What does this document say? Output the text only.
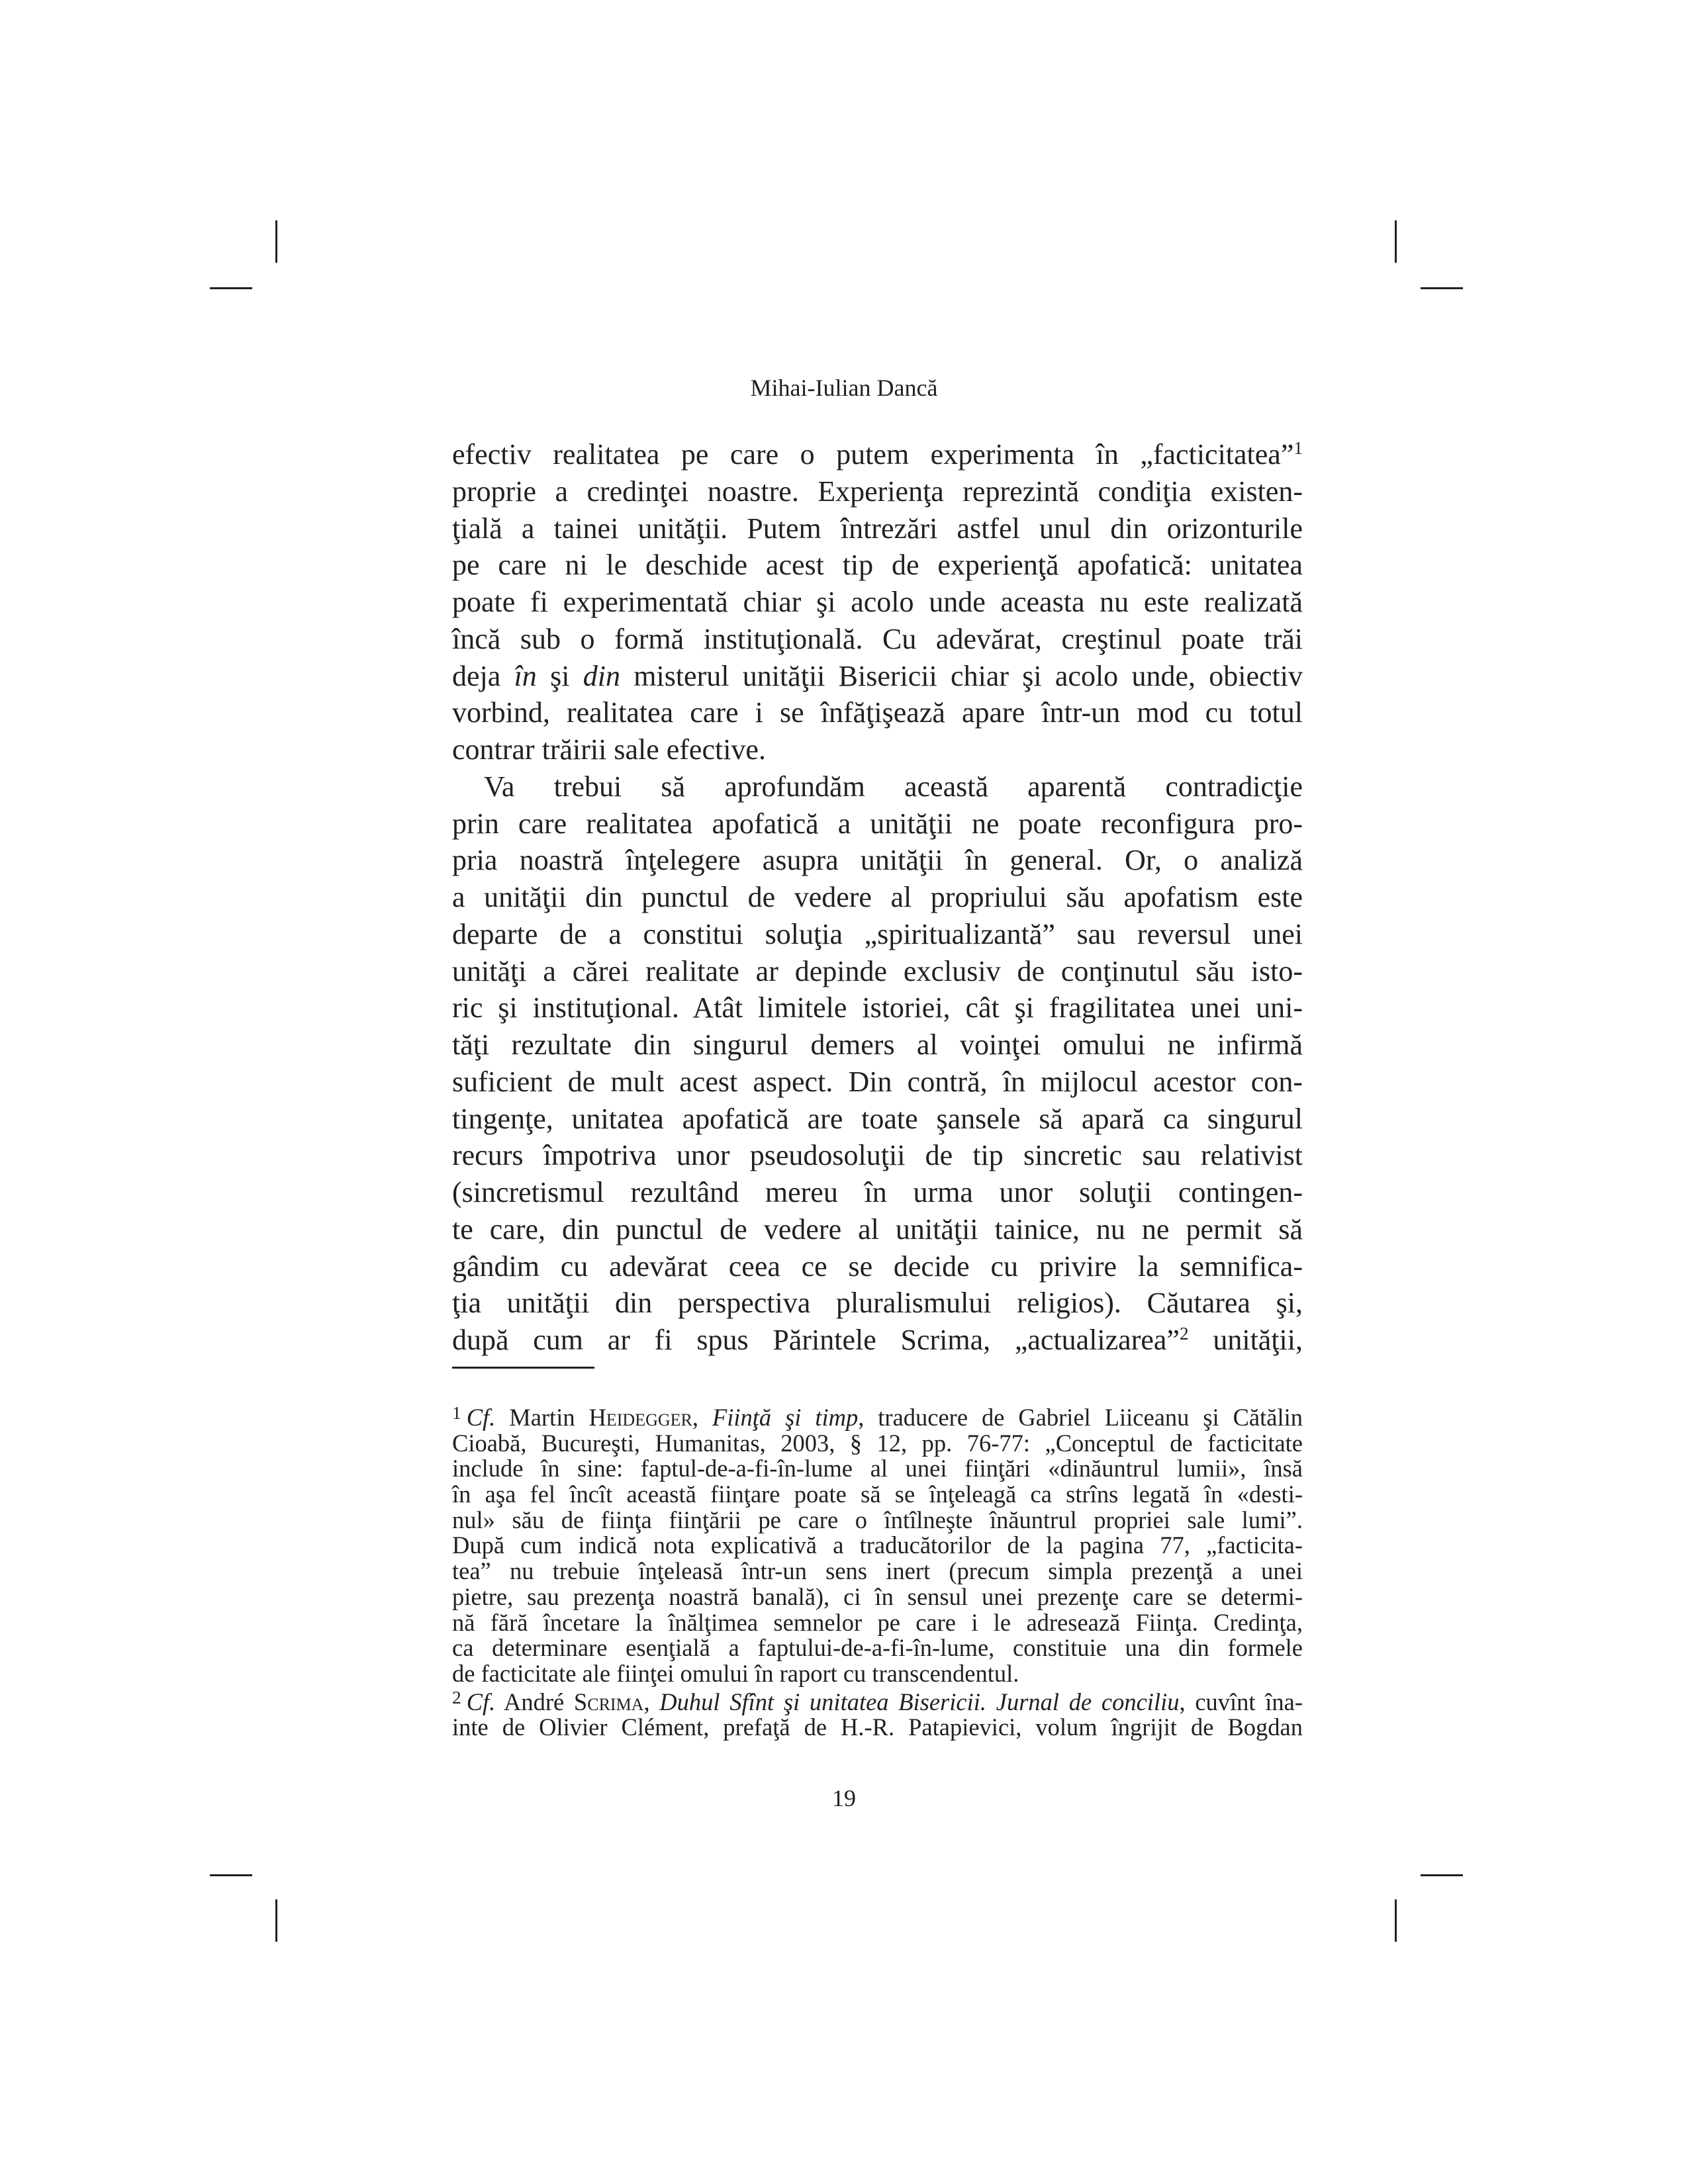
Mihai-Iulian Dancă
efectiv realitatea pe care o putem experimenta în „facticitatea”$^1$
proprie a credinţei noastre. Experienţa reprezintă condiţia existen-
ţială a tainei unităţii. Putem întrezări astfel unul din orizonturile
pe care ni le deschide acest tip de experienţă apofatică: unitatea
poate fi experimentată chiar şi acolo unde aceasta nu este realizată
încă sub o formă instituţională. Cu adevărat, creştinul poate trăi
deja în şi din misterul unităţii Bisericii chiar şi acolo unde, obiectiv
vorbind, realitatea care i se înfăţişează apare într-un mod cu totul
contrar trăirii sale efective.
Va trebui să aprofundăm această aparentă contradicţie
prin care realitatea apofatică a unităţii ne poate reconfigura pro-
pria noastră înţelegere asupra unităţii în general. Or, o analiză
a unităţii din punctul de vedere al propriului său apofatism este
departe de a constitui soluţia „spiritualizantă” sau reversul unei
unităţi a cărei realitate ar depinde exclusiv de conţinutul său isto-
ric şi instituţional. Atât limitele istoriei, cât şi fragilitatea unei uni-
tăţi rezultate din singurul demers al voinţei omului ne infirmă
suficient de mult acest aspect. Din contră, în mijlocul acestor con-
tingenţe, unitatea apofatică are toate şansele să apară ca singurul
recurs împotriva unor pseudosoluţii de tip sincretic sau relativist
(sincretismul rezultând mereu în urma unor soluţii contingen-
te care, din punctul de vedere al unităţii tainice, nu ne permit să
gândim cu adevărat ceea ce se decide cu privire la semnifica-
ţia unităţii din perspectiva pluralismului religios). Căutarea şi,
după cum ar fi spus Părintele Scrima, „actualizarea”$^2$ unităţii,
$^1$ Cf. Martin Heidegger, Fiinţă şi timp, traducere de Gabriel Liiceanu şi Cătălin
Cioabă, Bucureşti, Humanitas, 2003, § 12, pp. 76-77: „Conceptul de facticitate
include în sine: faptul-de-a-fi-în-lume al unei fiinţări «dinăuntrul lumii», însă
în aşa fel încît această fiinţare poate să se înţeleagă ca strîns legată în «desti-
nul» său de fiinţa fiinţării pe care o întîlneşte înăuntrul propriei sale lumi”.
După cum indică nota explicativă a traducătorilor de la pagina 77, „facticita-
tea” nu trebuie înţeleasă într-un sens inert (precum simpla prezenţă a unei
pietre, sau prezenţa noastră banală), ci în sensul unei prezenţe care se determi-
nă fără încetare la înălţimea semnelor pe care i le adresează Fiinţa. Credinţa,
ca determinare esenţială a faptului-de-a-fi-în-lume, constituie una din formele
de facticitate ale fiinţei omului în raport cu transcendentul.
$^2$ Cf. André Scrima, Duhul Sfînt şi unitatea Bisericii. Jurnal de conciliu, cuvînt îna-
inte de Olivier Clément, prefaţă de H.-R. Patapievici, volum îngrijit de Bogdan
19
